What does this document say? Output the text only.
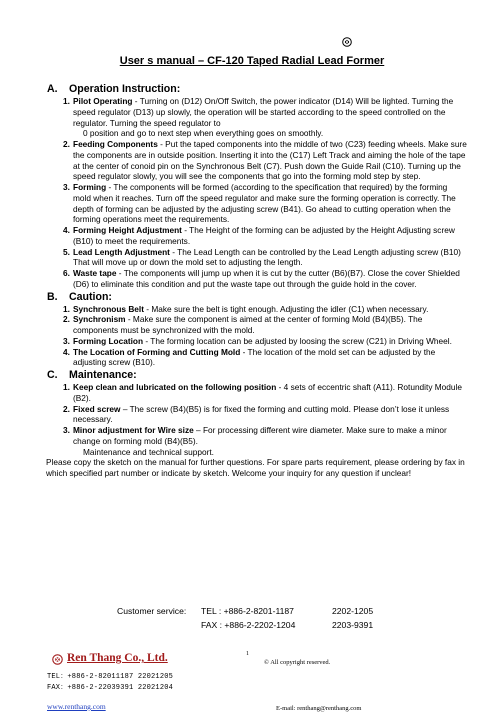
User s manual – CF-120 Taped Radial Lead Former
A. Operation Instruction:
1. Pilot Operating - Turning on (D12) On/Off Switch, the power indicator (D14) Will be lighted. Turning the speed regulator (D13) up slowly, the operation will be started according to the speed controlled on the regulator. Turning the speed regulator to
0 position and go to next step when everything goes on smoothly.
2. Feeding Components - Put the taped components into the middle of two (C23) feeding wheels. Make sure the components are in outside position. Inserting it into the (C17) Left Track and aiming the hole of the tape at the center of conoid pin on the Synchronous Belt (C7). Push down the Guide Rail (C10). Turning up the speed regulator slowly, you will see the components that go into the forming mold step by step.
3. Forming - The components will be formed (according to the specification that required) by the forming mold when it reaches. Turn off the speed regulator and make sure the forming operation is correctly. The depth of forming can be adjusted by the adjusting screw (B41). Go ahead to cutting operation when the forming operations meet the requirements.
4. Forming Height Adjustment - The Height of the forming can be adjusted by the Height Adjusting screw (B10) to meet the requirements.
5. Lead Length Adjustment - The Lead Length can be controlled by the Lead Length adjusting screw (B10) That will move up or down the mold set to adjusting the length.
6. Waste tape - The components will jump up when it is cut by the cutter (B6)(B7). Close the cover Shielded (D6) to eliminate this condition and put the waste tape out through the guide hold in the cover.
B. Caution:
1. Synchronous Belt - Make sure the belt is tight enough. Adjusting the idler (C1) when necessary.
2. Synchronism - Make sure the component is aimed at the center of forming Mold (B4)(B5). The components must be synchronized with the mold.
3. Forming Location - The forming location can be adjusted by loosing the screw (C21) in Driving Wheel.
4. The Location of Forming and Cutting Mold - The location of the mold set can be adjusted by the adjusting screw (B10).
C. Maintenance:
1. Keep clean and lubricated on the following position - 4 sets of eccentric shaft (A11). Rotundity Module (B2).
2. Fixed screw – The screw (B4)(B5) is for fixed the forming and cutting mold. Please don’t lose it unless necessary.
3. Minor adjustment for Wire size – For processing different wire diameter. Make sure to make a minor change on forming mold (B4)(B5).
Maintenance and technical support.
Please copy the sketch on the manual for further questions. For spare parts requirement, please ordering by fax in which specified part number or indicate by sketch. Welcome your inquiry for any question if unclear!
Customer service: TEL : +886-2-8201-1187	2202-1205
FAX : +886-2-2202-1204	2203-9391
Ren Thang Co., Ltd.
TEL：+886-2-82011187 22021205
FAX：+886-2-22039391 22021204
www.renthang.com
1
© All copyright reserved.
E-mail: renthang@renthang.com
